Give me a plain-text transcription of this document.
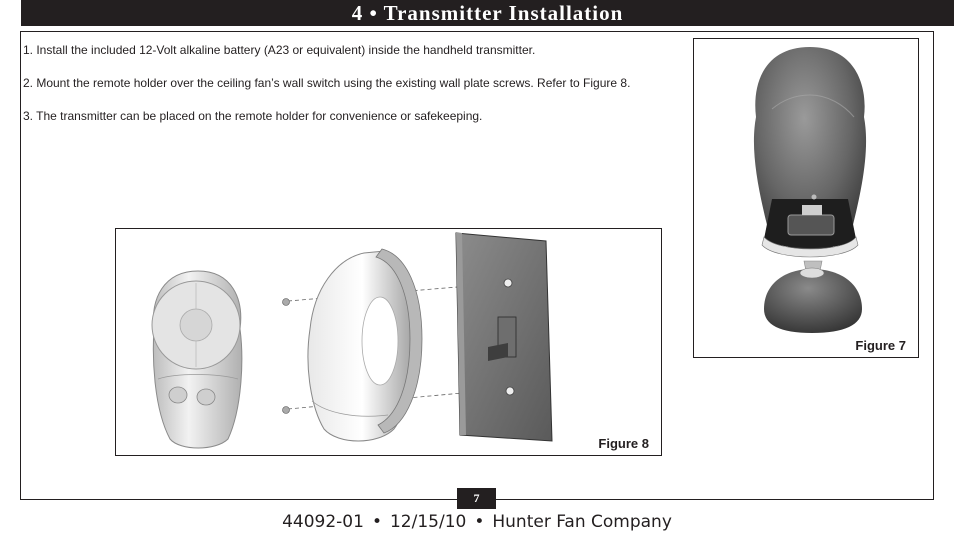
4 • Transmitter Installation

1. Install the included 12-Volt alkaline battery (A23 or equivalent) inside the handheld transmitter.

2. Mount the remote holder over the ceiling fan’s wall switch using the existing wall plate screws. Refer to Figure 8.

3. The transmitter can be placed on the remote holder for convenience or safekeeping.

Figure 7
Figure 8
7
44092-01 • 12/15/10 • Hunter Fan Company
